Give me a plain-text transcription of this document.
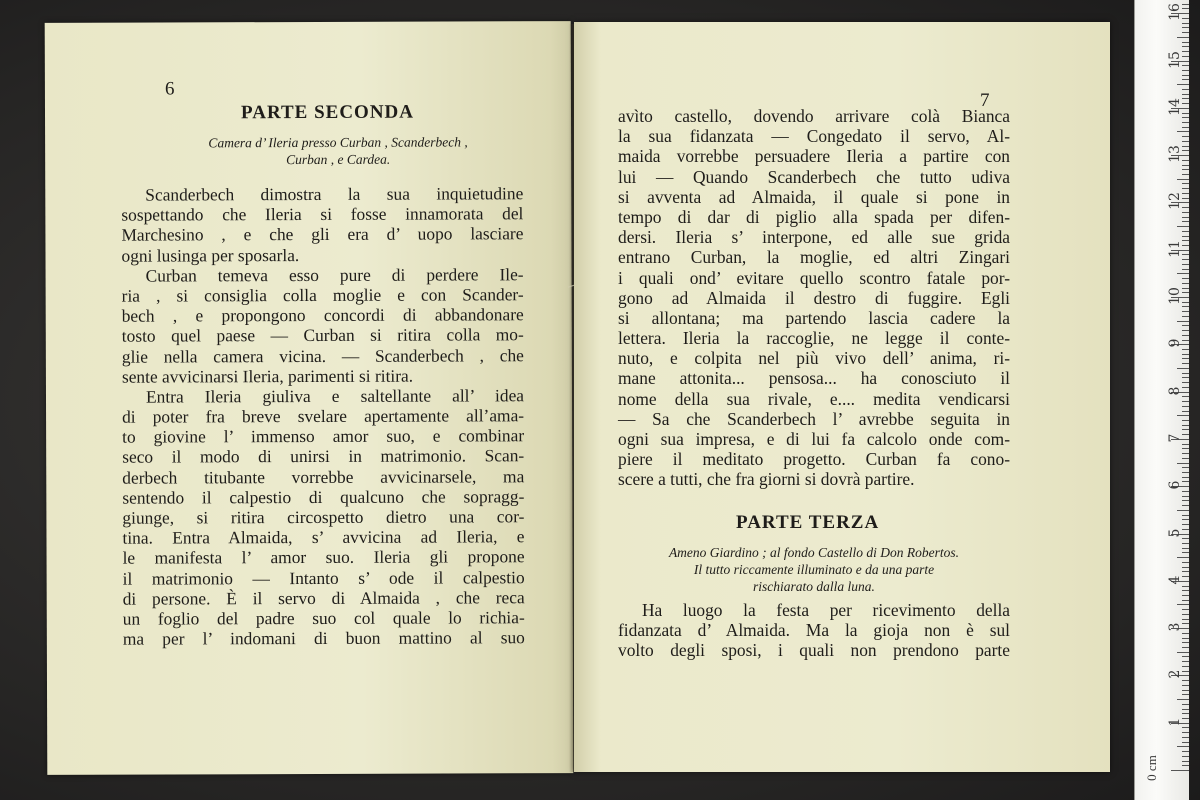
6
PARTE SECONDA
Camera d’ Ileria presso Curban , Scanderbech ,
Curban , e Cardea.
Scanderbech dimostra la sua inquietudine
sospettando che Ileria si fosse innamorata del
Marchesino , e che gli era d’ uopo lasciare
ogni lusinga per sposarla.
Curban temeva esso pure di perdere Ile-
ria , si consiglia colla moglie e con Scander-
bech , e propongono concordi di abbandonare
tosto quel paese — Curban si ritira colla mo-
glie nella camera vicina. — Scanderbech , che
sente avvicinarsi Ileria, parimenti si ritira.
Entra Ileria giuliva e saltellante all’ idea
di poter fra breve svelare apertamente all’ama-
to giovine l’ immenso amor suo, e combinar
seco il modo di unirsi in matrimonio. Scan-
derbech titubante vorrebbe avvicinarsele, ma
sentendo il calpestio di qualcuno che sopragg-
giunge, si ritira circospetto dietro una cor-
tina. Entra Almaida, s’ avvicina ad Ileria, e
le manifesta l’ amor suo. Ileria gli propone
il matrimonio — Intanto s’ ode il calpestio
di persone. È il servo di Almaida , che reca
un foglio del padre suo col quale lo richia-
ma per l’ indomani di buon mattino al suo
7
avìto castello, dovendo arrivare colà Bianca
la sua fidanzata — Congedato il servo, Al-
maida vorrebbe persuadere Ileria a partire con
lui — Quando Scanderbech che tutto udiva
si avventa ad Almaida, il quale si pone in
tempo di dar di piglio alla spada per difen-
dersi. Ileria s’ interpone, ed alle sue grida
entrano Curban, la moglie, ed altri Zingari
i quali ond’ evitare quello scontro fatale por-
gono ad Almaida il destro di fuggire. Egli
si allontana; ma partendo lascia cadere la
lettera. Ileria la raccoglie, ne legge il conte-
nuto, e colpita nel più vivo dell’ anima, ri-
mane attonita... pensosa... ha conosciuto il
nome della sua rivale, e.... medita vendicarsi
— Sa che Scanderbech l’ avrebbe seguita in
ogni sua impresa, e di lui fa calcolo onde com-
piere il meditato progetto. Curban fa cono-
scere a tutti, che fra giorni si dovrà partire.
PARTE TERZA
Ameno Giardino ; al fondo Castello di Don Robertos.
Il tutto riccamente illuminato e da una parte
rischiarato dalla luna.
Ha luogo la festa per ricevimento della
fidanzata d’ Almaida. Ma la gioja non è sul
volto degli sposi, i quali non prendono parte
0 cm
1
2
3
4
5
6
7
8
9
10
11
12
13
14
15
16
